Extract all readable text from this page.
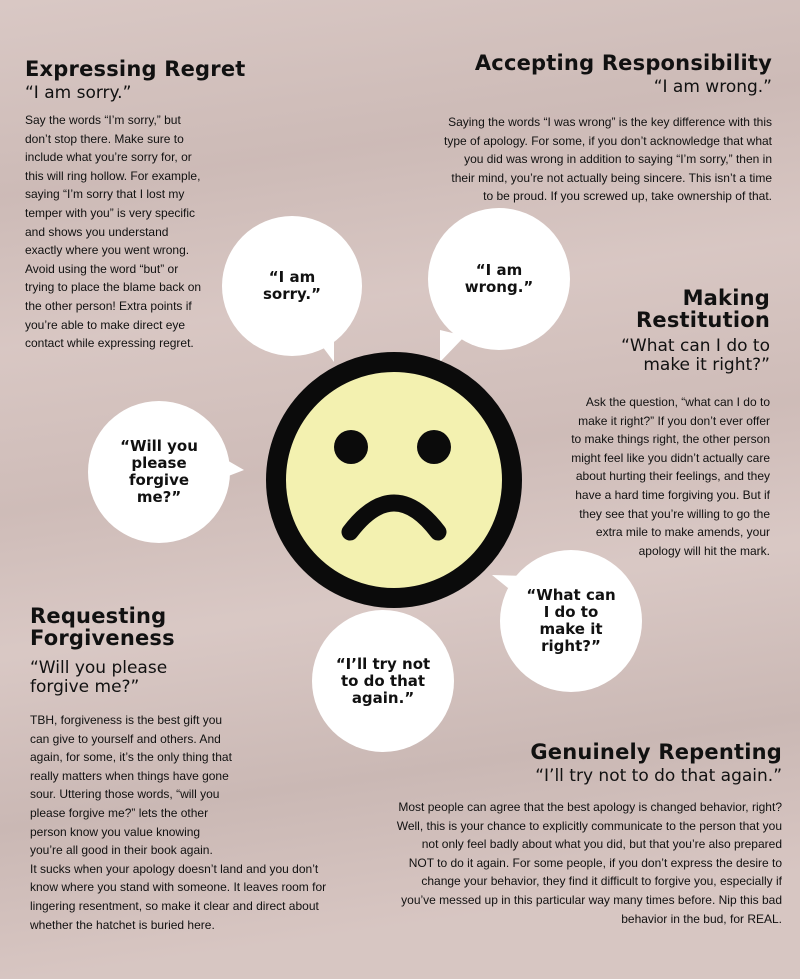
Expressing Regret
“I am sorry.”

Say the words “I’m sorry,” but
don’t stop there. Make sure to
include what you’re sorry for, or
this will ring hollow. For example,
saying “I’m sorry that I lost my
temper with you” is very specific
and shows you understand
exactly where you went wrong.
Avoid using the word “but” or
trying to place the blame back on
the other person! Extra points if
you’re able to make direct eye
contact while expressing regret.

Accepting Responsibility
“I am wrong.”

Saying the words “I was wrong” is the key difference with this
type of apology. For some, if you don’t acknowledge that what
you did was wrong in addition to saying “I’m sorry,” then in
their mind, you’re not actually being sincere. This isn’t a time
to be proud. If you screwed up, take ownership of that.

Making
Restitution
“What can I do to
make it right?”

Ask the question, “what can I do to
make it right?” If you don’t ever offer
to make things right, the other person
might feel like you didn’t actually care
about hurting their feelings, and they
have a hard time forgiving you. But if
they see that you’re willing to go the
extra mile to make amends, your
apology will hit the mark.

Requesting
Forgiveness
“Will you please
forgive me?”

TBH, forgiveness is the best gift you
can give to yourself and others. And
again, for some, it’s the only thing that
really matters when things have gone
sour. Uttering those words, “will you
please forgive me?” lets the other
person know you value knowing
you’re all good in their book again.
It sucks when your apology doesn’t land and you don’t
know where you stand with someone. It leaves room for
lingering resentment, so make it clear and direct about
whether the hatchet is buried here.

Genuinely Repenting
“I’ll try not to do that again.”

Most people can agree that the best apology is changed behavior, right?
Well, this is your chance to explicitly communicate to the person that you
not only feel badly about what you did, but that you’re also prepared
NOT to do it again. For some people, if you don’t express the desire to
change your behavior, they find it difficult to forgive you, especially if
you’ve messed up in this particular way many times before. Nip this bad
behavior in the bud, for REAL.

“I am
sorry.”
“I am
wrong.”
“Will you
please
forgive
me?”
“What can
I do to
make it
right?”
“I’ll try not
to do that
again.”
